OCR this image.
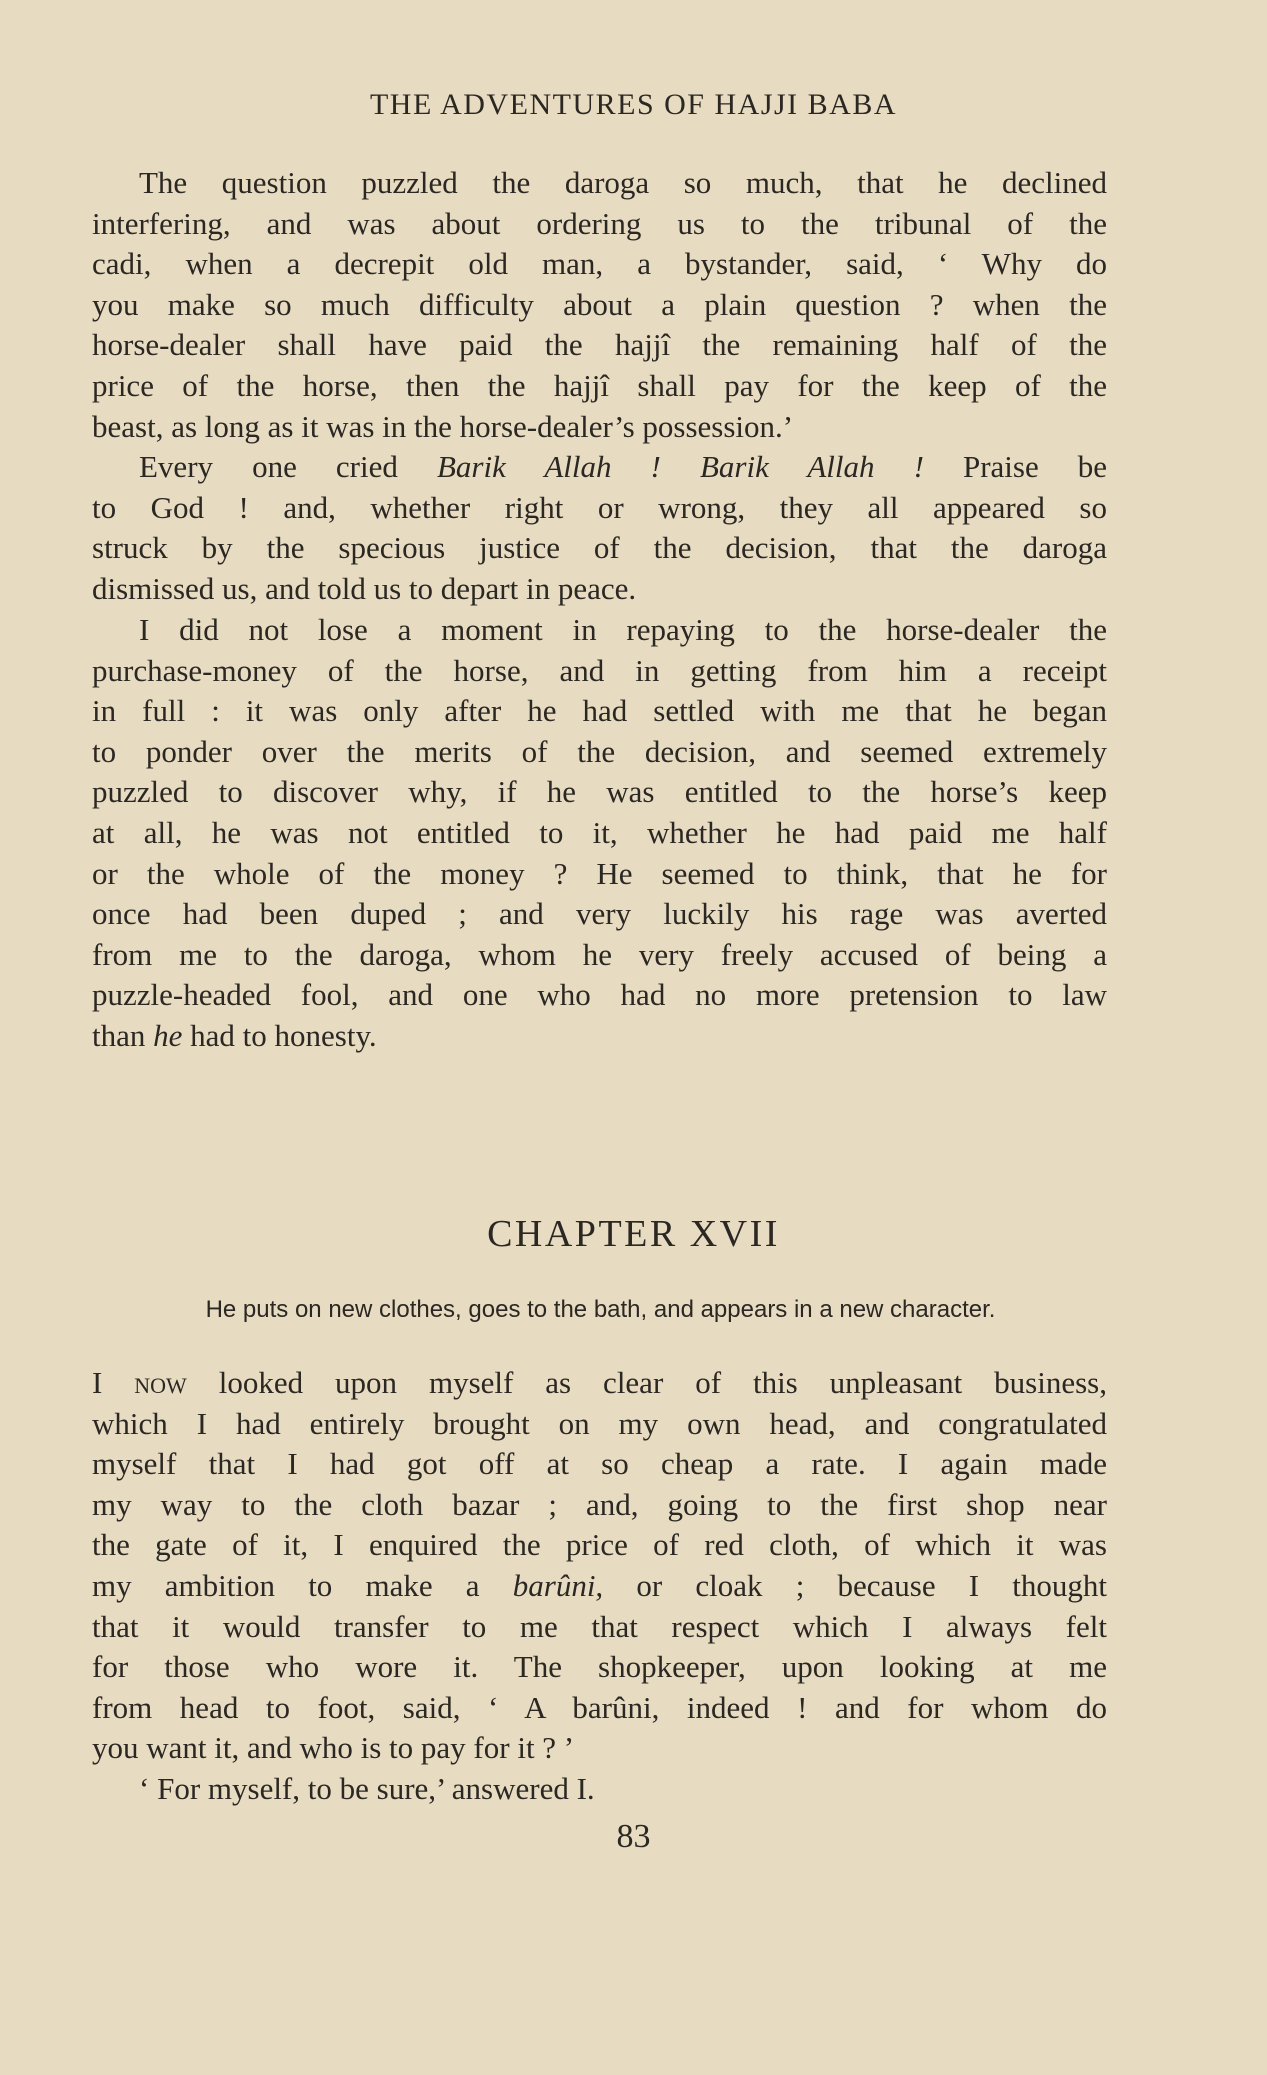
THE ADVENTURES OF HAJJI BABA
The question puzzled the daroga so much, that he declined
interfering, and was about ordering us to the tribunal of the
cadi, when a decrepit old man, a bystander, said, ‘ Why do
you make so much difficulty about a plain question ? when the
horse-dealer shall have paid the hajjî the remaining half of the
price of the horse, then the hajjî shall pay for the keep of the
beast, as long as it was in the horse-dealer’s possession.’
Every one cried Barik Allah ! Barik Allah ! Praise be
to God ! and, whether right or wrong, they all appeared so
struck by the specious justice of the decision, that the daroga
dismissed us, and told us to depart in peace.
I did not lose a moment in repaying to the horse-dealer the
purchase-money of the horse, and in getting from him a receipt
in full : it was only after he had settled with me that he began
to ponder over the merits of the decision, and seemed extremely
puzzled to discover why, if he was entitled to the horse’s keep
at all, he was not entitled to it, whether he had paid me half
or the whole of the money ? He seemed to think, that he for
once had been duped ; and very luckily his rage was averted
from me to the daroga, whom he very freely accused of being a
puzzle-headed fool, and one who had no more pretension to law
than he had to honesty.
CHAPTER XVII
He puts on new clothes, goes to the bath, and appears in a new character.
I now looked upon myself as clear of this unpleasant business,
which I had entirely brought on my own head, and congratulated
myself that I had got off at so cheap a rate. I again made
my way to the cloth bazar ; and, going to the first shop near
the gate of it, I enquired the price of red cloth, of which it was
my ambition to make a barûni, or cloak ; because I thought
that it would transfer to me that respect which I always felt
for those who wore it. The shopkeeper, upon looking at me
from head to foot, said, ‘ A barûni, indeed ! and for whom do
you want it, and who is to pay for it ? ’
‘ For myself, to be sure,’ answered I.
83
